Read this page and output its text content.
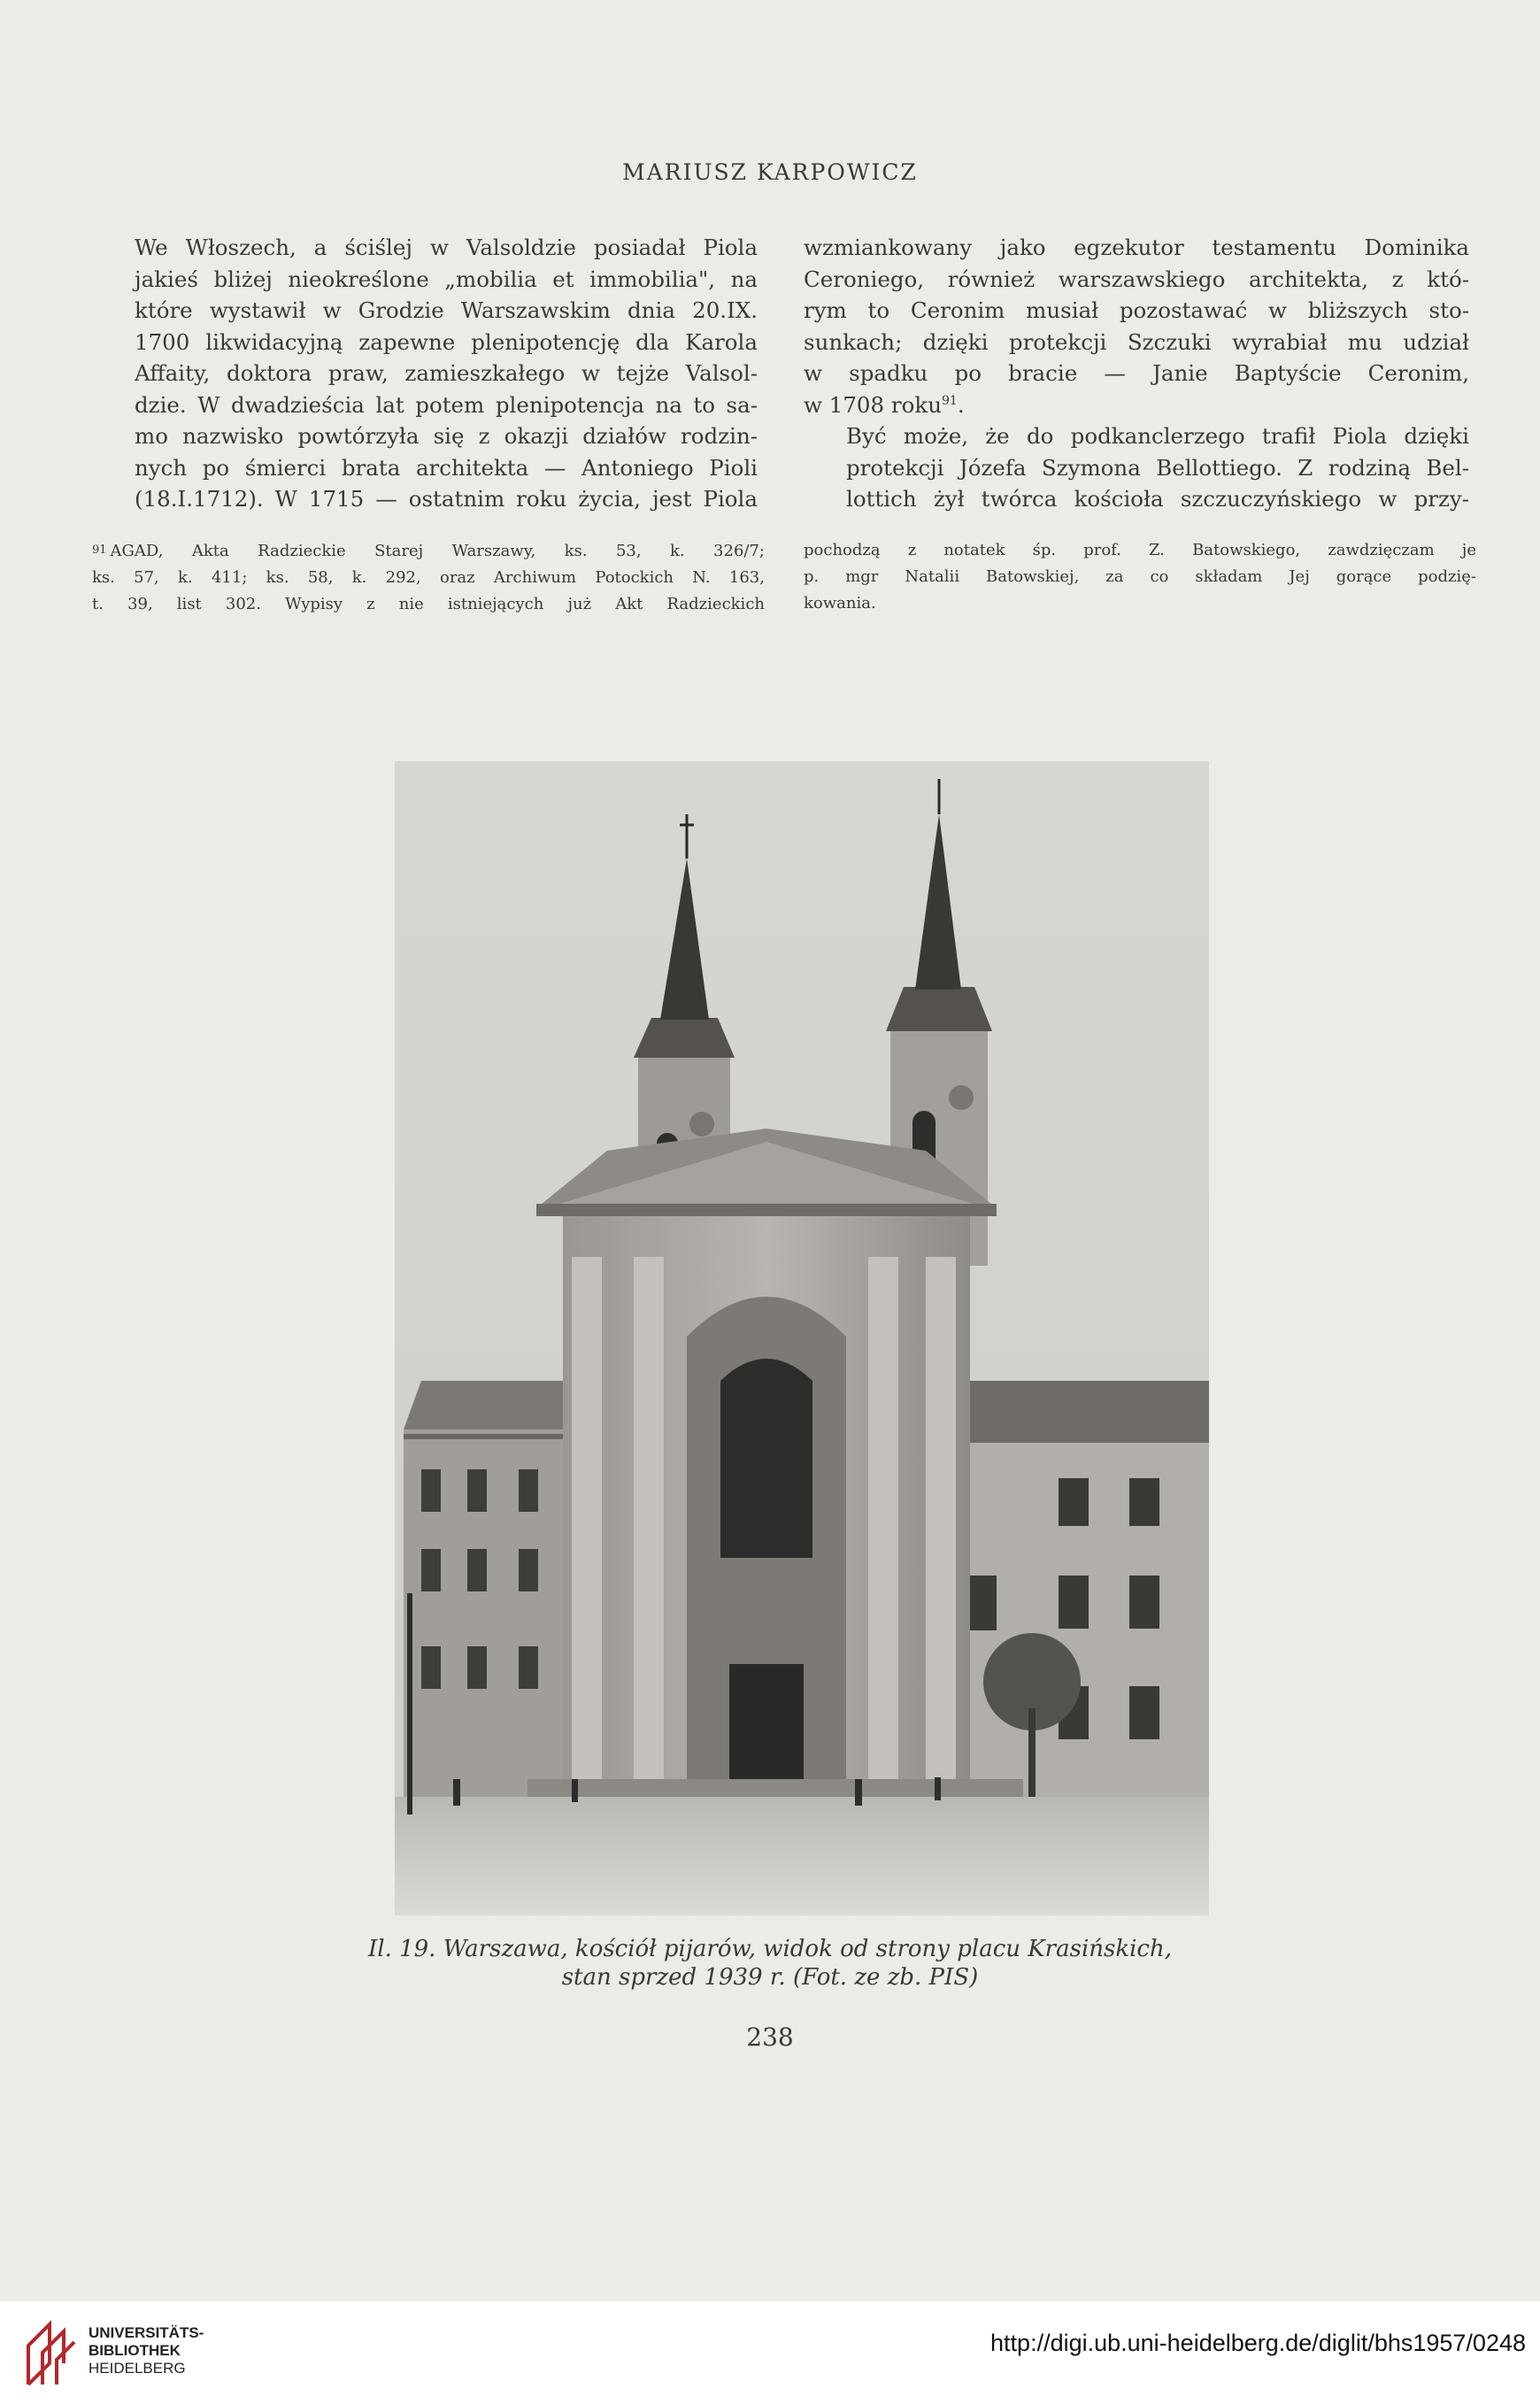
MARIUSZ KARPOWICZ

We Włoszech, a ściślej w Valsoldzie posiadał Piola
jakieś bliżej nieokreślone „mobilia et immobilia", na
które wystawił w Grodzie Warszawskim dnia 20.IX.
1700 likwidacyjną zapewne plenipotencję dla Karola
Affaity, doktora praw, zamieszkałego w tejże Valsol-
dzie. W dwadzieścia lat potem plenipotencja na to sa-
mo nazwisko powtórzyła się z okazji działów rodzin-
nych po śmierci brata architekta — Antoniego Pioli
(18.I.1712). W 1715 — ostatnim roku życia, jest Piola

wzmiankowany jako egzekutor testamentu Dominika
Ceroniego, również warszawskiego architekta, z któ-
rym to Ceronim musiał pozostawać w bliższych sto-
sunkach; dzięki protekcji Szczuki wyrabiał mu udział
w spadku po bracie — Janie Baptyście Ceronim,
w 1708 roku$^{91}$.

Być może, że do podkanclerzego trafił Piola dzięki
protekcji Józefa Szymona Bellottiego. Z rodziną Bel-
lottich żył twórca kościoła szczuczyńskiego w przy-

91 AGAD, Akta Radzieckie Starej Warszawy, ks. 53, k. 326/7;
ks. 57, k. 411; ks. 58, k. 292, oraz Archiwum Potockich N. 163,
t. 39, list 302. Wypisy z nie istniejących już Akt Radzieckich
pochodzą z notatek śp. prof. Z. Batowskiego, zawdzięczam je
p. mgr Natalii Batowskiej, za co składam Jej gorące podzię-
kowania.
Il. 19. Warszawa, kościół pijarów, widok od strony placu Krasińskich,
stan sprzed 1939 r. (Fot. ze zb. PIS)
238
UNIVERSITÄTS-
BIBLIOTHEK
HEIDELBERG
http://digi.ub.uni-heidelberg.de/diglit/bhs1957/0248
